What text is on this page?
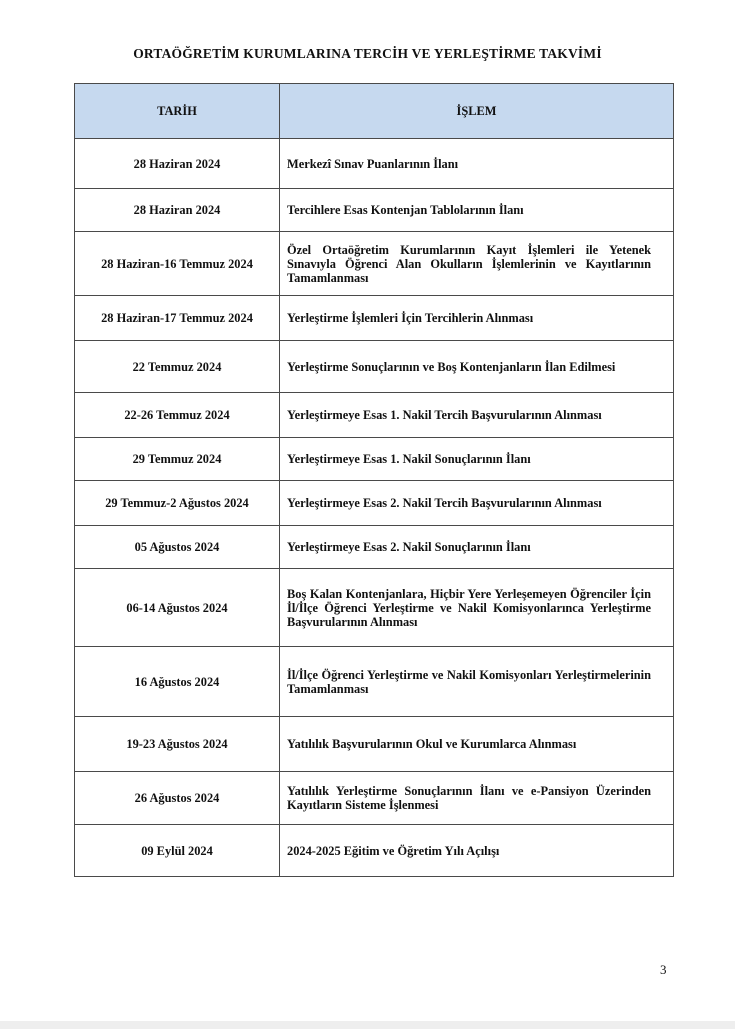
ORTAÖĞRETİM KURUMLARINA TERCİH VE YERLEŞTİRME TAKVİMİ
TARİH	İŞLEM
28 Haziran 2024	Merkezî Sınav Puanlarının İlanı
28 Haziran 2024	Tercihlere Esas Kontenjan Tablolarının İlanı
28 Haziran-16 Temmuz 2024	Özel Ortaöğretim Kurumlarının Kayıt İşlemleri ile Yetenek Sınavıyla Öğrenci Alan Okulların İşlemlerinin ve Kayıtlarının Tamamlanması
28 Haziran-17 Temmuz 2024	Yerleştirme İşlemleri İçin Tercihlerin Alınması
22 Temmuz 2024	Yerleştirme Sonuçlarının ve Boş Kontenjanların İlan Edilmesi
22-26 Temmuz 2024	Yerleştirmeye Esas 1. Nakil Tercih Başvurularının Alınması
29 Temmuz 2024	Yerleştirmeye Esas 1. Nakil Sonuçlarının İlanı
29 Temmuz-2 Ağustos 2024	Yerleştirmeye Esas 2. Nakil Tercih Başvurularının Alınması
05 Ağustos 2024	Yerleştirmeye Esas 2. Nakil Sonuçlarının İlanı
06-14 Ağustos 2024	Boş Kalan Kontenjanlara, Hiçbir Yere Yerleşemeyen Öğrenciler İçin İl/İlçe Öğrenci Yerleştirme ve Nakil Komisyonlarınca Yerleştirme Başvurularının Alınması
16 Ağustos 2024	İl/İlçe Öğrenci Yerleştirme ve Nakil Komisyonları Yerleştirmelerinin Tamamlanması
19-23 Ağustos 2024	Yatılılık Başvurularının Okul ve Kurumlarca Alınması
26 Ağustos 2024	Yatılılık Yerleştirme Sonuçlarının İlanı ve e-Pansiyon Üzerinden Kayıtların Sisteme İşlenmesi
09 Eylül 2024	2024-2025 Eğitim ve Öğretim Yılı Açılışı
3
